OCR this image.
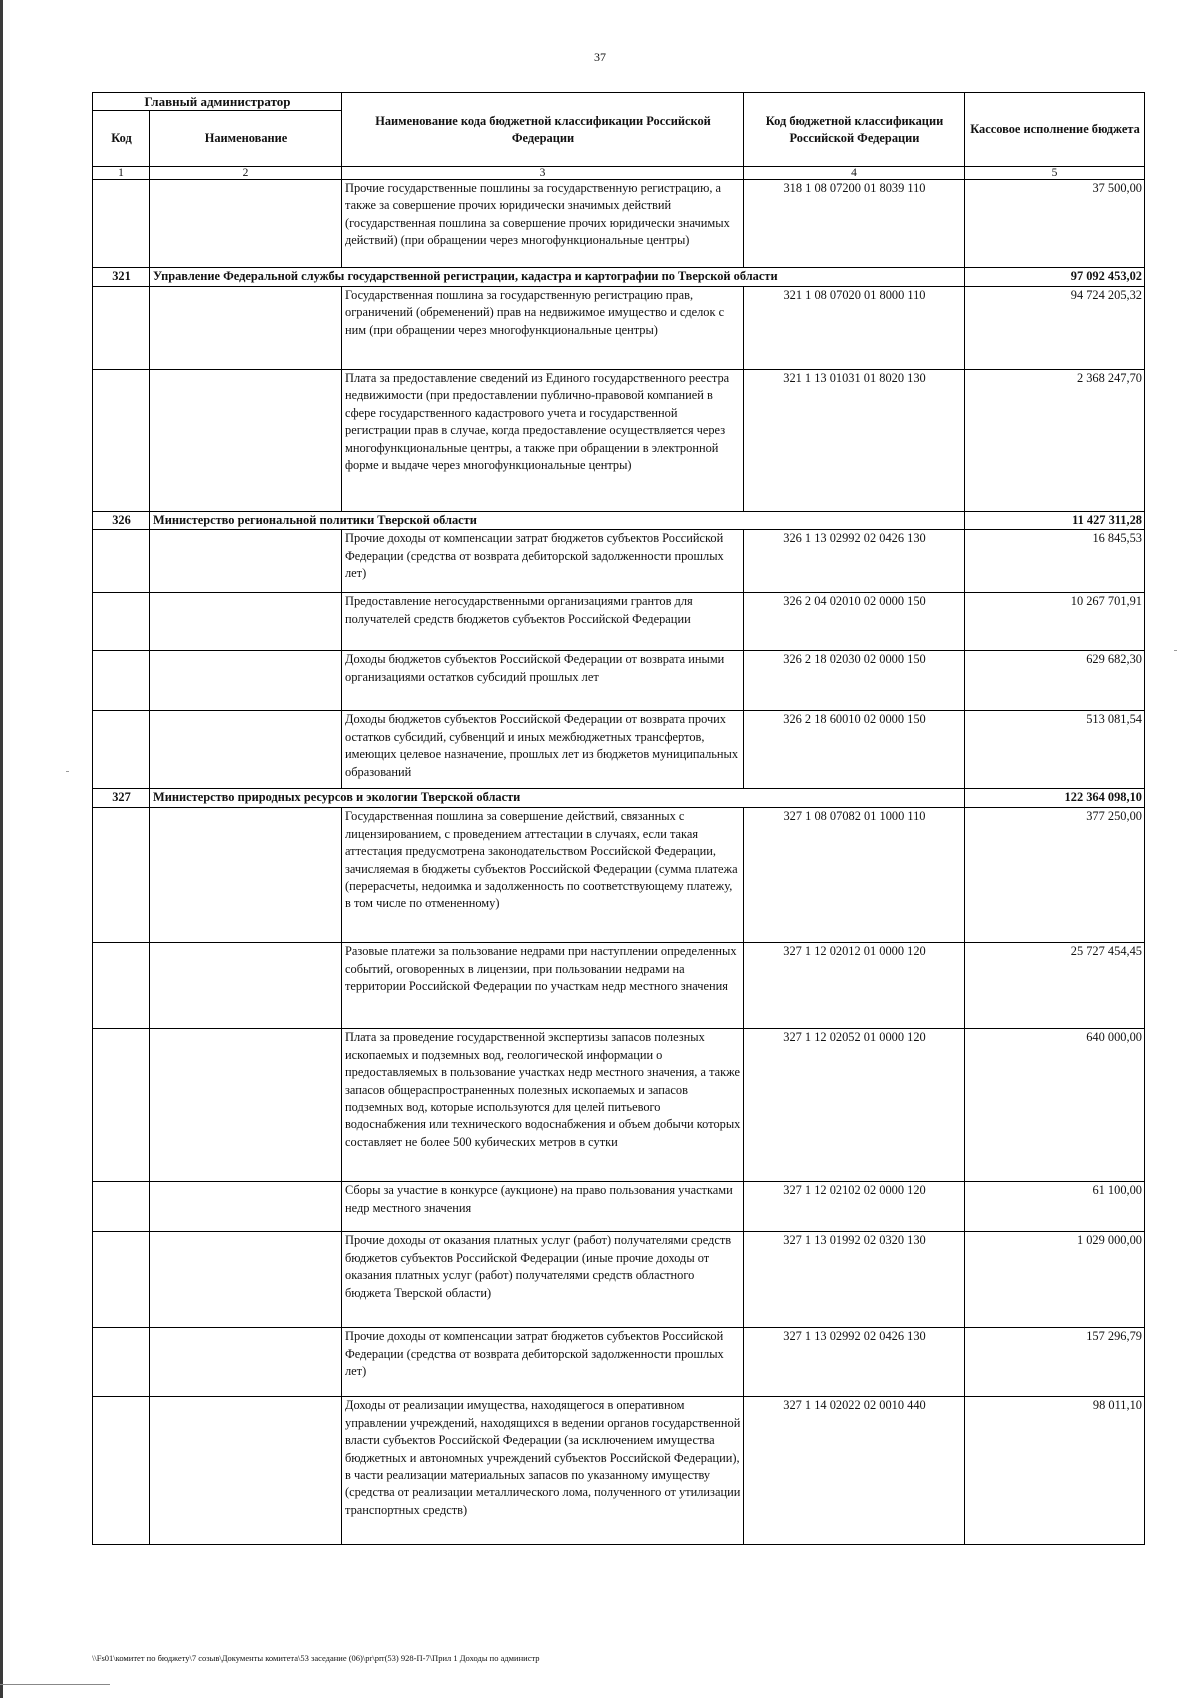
37
Главный администратор		Наименование кода бюджетной классификации Российской Федерации	Код бюджетной классификации Российской Федерации	Кассовое исполнение бюджета
Код	Наименование			
1	2	3	4	5
		Прочие государственные пошлины за государственную регистрацию, а также за совершение прочих юридически значимых действий (государственная пошлина за совершение прочих юридически значимых действий) (при обращении через многофункциональные центры)	318 1 08 07200 01 8039 110	37 500,00
321	Управление Федеральной службы государственной регистрации, кадастра и картографии по Тверской области			97 092 453,02
		Государственная пошлина за государственную регистрацию прав, ограничений (обременений) прав на недвижимое имущество и сделок с ним (при обращении через многофункциональные центры)	321 1 08 07020 01 8000 110	94 724 205,32
		Плата за предоставление сведений из Единого государственного реестра недвижимости (при предоставлении публично-правовой компанией в сфере государственного кадастрового учета и государственной регистрации прав в случае, когда предоставление осуществляется через многофункциональные центры, а также при обращении в электронной форме и выдаче через многофункциональные центры)	321 1 13 01031 01 8020 130	2 368 247,70
326	Министерство региональной политики Тверской области			11 427 311,28
		Прочие доходы от компенсации затрат бюджетов субъектов Российской Федерации (средства от возврата дебиторской задолженности прошлых лет)	326 1 13 02992 02 0426 130	16 845,53
		Предоставление негосударственными организациями грантов для получателей средств бюджетов субъектов Российской Федерации	326 2 04 02010 02 0000 150	10 267 701,91
		Доходы бюджетов субъектов Российской Федерации от возврата иными организациями остатков субсидий прошлых лет	326 2 18 02030 02 0000 150	629 682,30
		Доходы бюджетов субъектов Российской Федерации от возврата прочих остатков субсидий, субвенций и иных межбюджетных трансфертов, имеющих целевое назначение, прошлых лет из бюджетов муниципальных образований	326 2 18 60010 02 0000 150	513 081,54
327	Министерство природных ресурсов и экологии Тверской области			122 364 098,10
		Государственная пошлина за совершение действий, связанных с лицензированием, с проведением аттестации в случаях, если такая аттестация предусмотрена законодательством Российской Федерации, зачисляемая в бюджеты субъектов Российской Федерации (сумма платежа (перерасчеты, недоимка и задолженность по соответствующему платежу, в том числе по отмененному)	327 1 08 07082 01 1000 110	377 250,00
		Разовые платежи за пользование недрами при наступлении определенных событий, оговоренных в лицензии, при пользовании недрами на территории Российской Федерации по участкам недр местного значения	327 1 12 02012 01 0000 120	25 727 454,45
		Плата за проведение государственной экспертизы запасов полезных ископаемых и подземных вод, геологической информации о предоставляемых в пользование участках недр местного значения, а также запасов общераспространенных полезных ископаемых и запасов подземных вод, которые используются для целей питьевого водоснабжения или технического водоснабжения и объем добычи которых составляет не более 500 кубических метров в сутки	327 1 12 02052 01 0000 120	640 000,00
		Сборы за участие в конкурсе (аукционе) на право пользования участками недр местного значения	327 1 12 02102 02 0000 120	61 100,00
		Прочие доходы от оказания платных услуг (работ) получателями средств бюджетов субъектов Российской Федерации (иные прочие доходы от оказания платных услуг (работ) получателями средств областного бюджета Тверской области)	327 1 13 01992 02 0320 130	1 029 000,00
		Прочие доходы от компенсации затрат бюджетов субъектов Российской Федерации (средства от возврата дебиторской задолженности прошлых лет)	327 1 13 02992 02 0426 130	157 296,79
		Доходы от реализации имущества, находящегося в оперативном управлении учреждений, находящихся в ведении органов государственной власти субъектов Российской Федерации (за исключением имущества бюджетных и автономных учреждений субъектов Российской Федерации), в части реализации материальных запасов по указанному имуществу (средства от реализации металлического лома, полученного от утилизации транспортных средств)	327 1 14 02022 02 0010 440	98 011,10
\\Fs01\комитет по бюджету\7 созыв\Документы комитета\53 заседание (06)\pr\prr(53) 928-П-7\Прил 1 Доходы по администр
